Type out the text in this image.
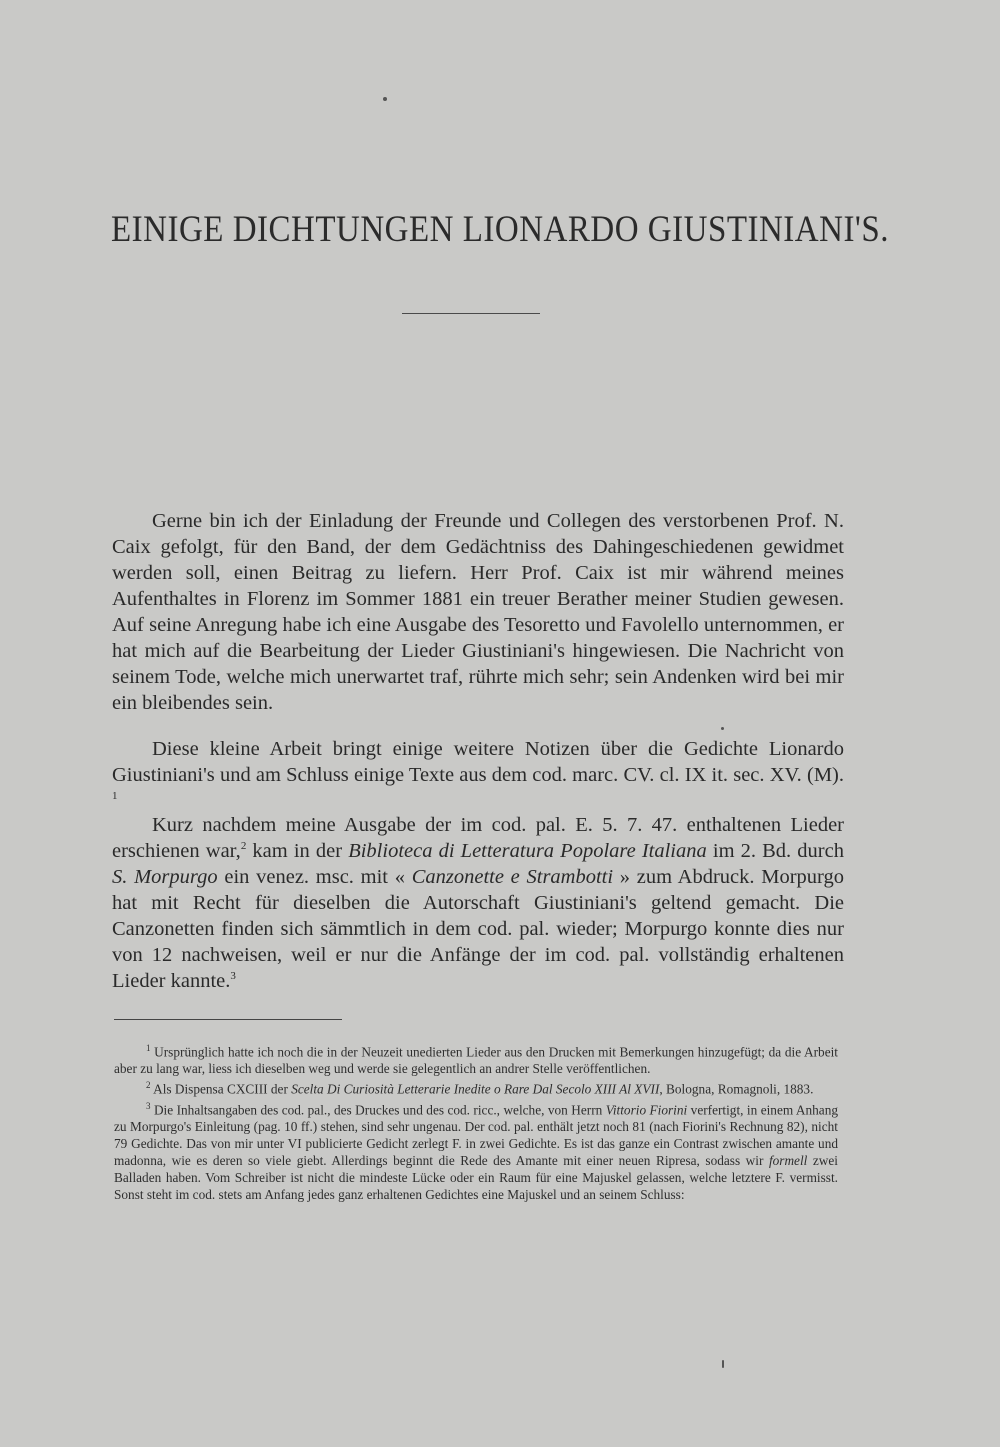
EINIGE DICHTUNGEN LIONARDO GIUSTINIANI'S.

Gerne bin ich der Einladung der Freunde und Collegen des verstorbenen Prof. N. Caix gefolgt, für den Band, der dem Gedächtniss des Dahingeschiedenen gewidmet werden soll, einen Beitrag zu liefern. Herr Prof. Caix ist mir während meines Aufenthaltes in Florenz im Sommer 1881 ein treuer Berather meiner Studien gewesen. Auf seine Anregung habe ich eine Ausgabe des Tesoretto und Favolello unternommen, er hat mich auf die Bearbeitung der Lieder Giustiniani's hingewiesen. Die Nachricht von seinem Tode, welche mich unerwartet traf, rührte mich sehr; sein Andenken wird bei mir ein bleibendes sein.

Diese kleine Arbeit bringt einige weitere Notizen über die Gedichte Lionardo Giustiniani's und am Schluss einige Texte aus dem cod. marc. CV. cl. IX it. sec. XV. (M). $^1$

Kurz nachdem meine Ausgabe der im cod. pal. E. 5. 7. 47. enthaltenen Lieder erschienen war,$^2$ kam in der Biblioteca di Letteratura Popolare Italiana im 2. Bd. durch S. Morpurgo ein venez. msc. mit « Canzonette e Strambotti » zum Abdruck. Morpurgo hat mit Recht für dieselben die Autorschaft Giustiniani's geltend gemacht. Die Canzonetten finden sich sämmtlich in dem cod. pal. wieder; Morpurgo konnte dies nur von 12 nachweisen, weil er nur die Anfänge der im cod. pal. vollständig erhaltenen Lieder kannte.$^3$

$^1$ Ursprünglich hatte ich noch die in der Neuzeit unedierten Lieder aus den Drucken mit Bemerkungen hinzugefügt; da die Arbeit aber zu lang war, liess ich dieselben weg und werde sie gelegentlich an andrer Stelle veröffentlichen.

$^2$ Als Dispensa CXCIII der Scelta Di Curiosità Letterarie Inedite o Rare Dal Secolo XIII Al XVII, Bologna, Romagnoli, 1883.

$^3$ Die Inhaltsangaben des cod. pal., des Druckes und des cod. ricc., welche, von Herrn Vittorio Fiorini verfertigt, in einem Anhang zu Morpurgo's Einleitung (pag. 10 ff.) stehen, sind sehr ungenau. Der cod. pal. enthält jetzt noch 81 (nach Fiorini's Rechnung 82), nicht 79 Gedichte. Das von mir unter VI publicierte Gedicht zerlegt F. in zwei Gedichte. Es ist das ganze ein Contrast zwischen amante und madonna, wie es deren so viele giebt. Allerdings beginnt die Rede des Amante mit einer neuen Ripresa, sodass wir formell zwei Balladen haben. Vom Schreiber ist nicht die mindeste Lücke oder ein Raum für eine Majuskel gelassen, welche letztere F. vermisst. Sonst steht im cod. stets am Anfang jedes ganz erhaltenen Gedichtes eine Majuskel und an seinem Schluss:
